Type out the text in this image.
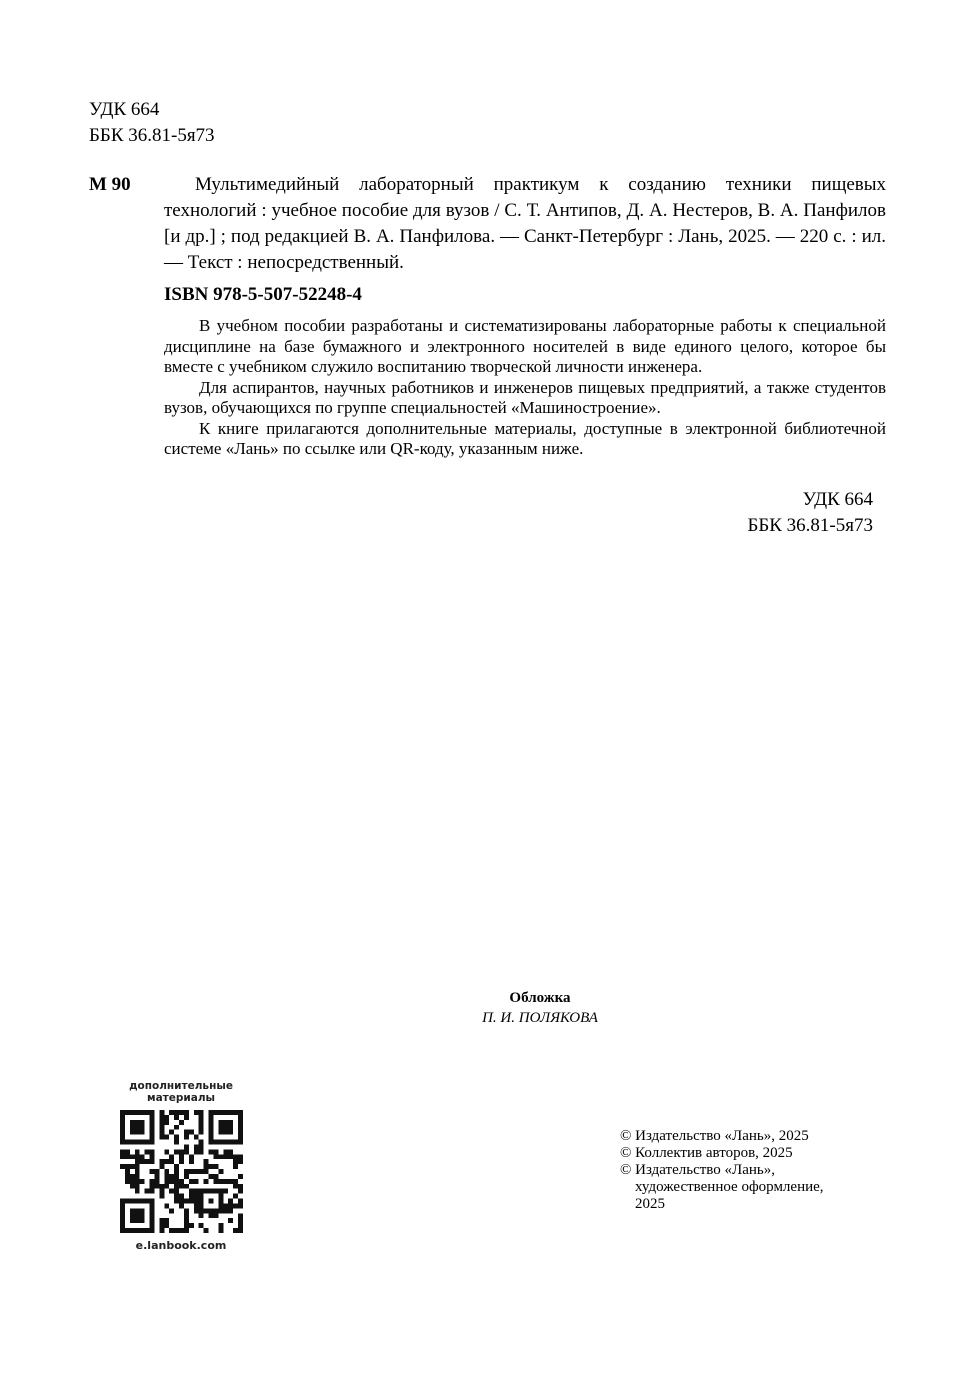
УДК 664
ББК 36.81-5я73
М 90	Мультимедийный лабораторный практикум к созданию техники пищевых технологий : учебное пособие для вузов / С. Т. Антипов, Д. А. Нестеров, В. А. Панфилов [и др.] ; под редакцией В. А. Панфилова. — Санкт-Петербург : Лань, 2025. — 220 с. : ил. — Текст : непосредственный.
ISBN 978-5-507-52248-4

В учебном пособии разработаны и систематизированы лабораторные работы к специальной дисциплине на базе бумажного и электронного носителей в виде единого целого, которое бы вместе с учебником служило воспитанию творческой личности инженера.

Для аспирантов, научных работников и инженеров пищевых предприятий, а также студентов вузов, обучающихся по группе специальностей «Машиностроение».

К книге прилагаются дополнительные материалы, доступные в электронной библиотечной системе «Лань» по ссылке или QR-коду, указанным ниже.

УДК 664
ББК 36.81-5я73
Обложка
П. И. ПОЛЯКОВА
дополнительные
материалы
e.lanbook.com
© Издательство «Лань», 2025
© Коллектив авторов, 2025
© Издательство «Лань»,
художественное оформление,
2025
